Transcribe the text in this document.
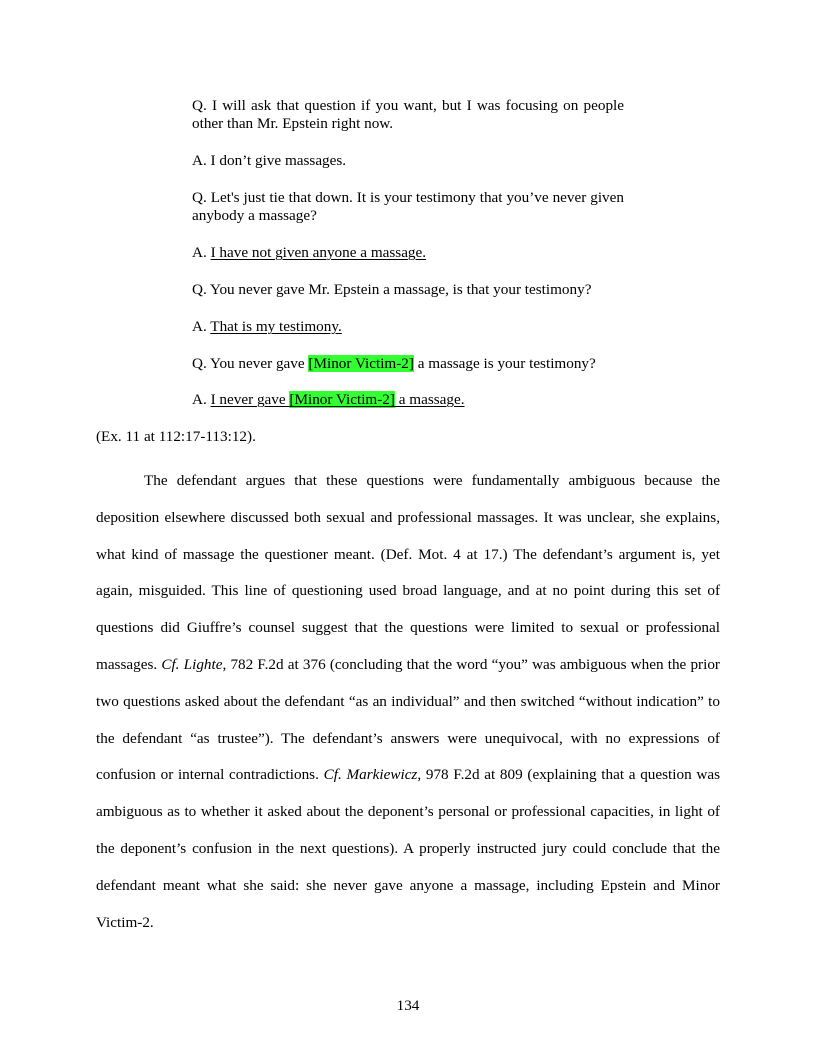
Q. I will ask that question if you want, but I was focusing on people other than Mr. Epstein right now.
A. I don’t give massages.
Q. Let's just tie that down. It is your testimony that you’ve never given anybody a massage?
A. I have not given anyone a massage.
Q. You never gave Mr. Epstein a massage, is that your testimony?
A. That is my testimony.
Q. You never gave [Minor Victim-2] a massage is your testimony?
A. I never gave [Minor Victim-2] a massage.
(Ex. 11 at 112:17-113:12).
The defendant argues that these questions were fundamentally ambiguous because the deposition elsewhere discussed both sexual and professional massages. It was unclear, she explains, what kind of massage the questioner meant. (Def. Mot. 4 at 17.) The defendant’s argument is, yet again, misguided. This line of questioning used broad language, and at no point during this set of questions did Giuffre’s counsel suggest that the questions were limited to sexual or professional massages. Cf. Lighte, 782 F.2d at 376 (concluding that the word “you” was ambiguous when the prior two questions asked about the defendant “as an individual” and then switched “without indication” to the defendant “as trustee”). The defendant’s answers were unequivocal, with no expressions of confusion or internal contradictions. Cf. Markiewicz, 978 F.2d at 809 (explaining that a question was ambiguous as to whether it asked about the deponent’s personal or professional capacities, in light of the deponent’s confusion in the next questions). A properly instructed jury could conclude that the defendant meant what she said: she never gave anyone a massage, including Epstein and Minor Victim-2.
134
